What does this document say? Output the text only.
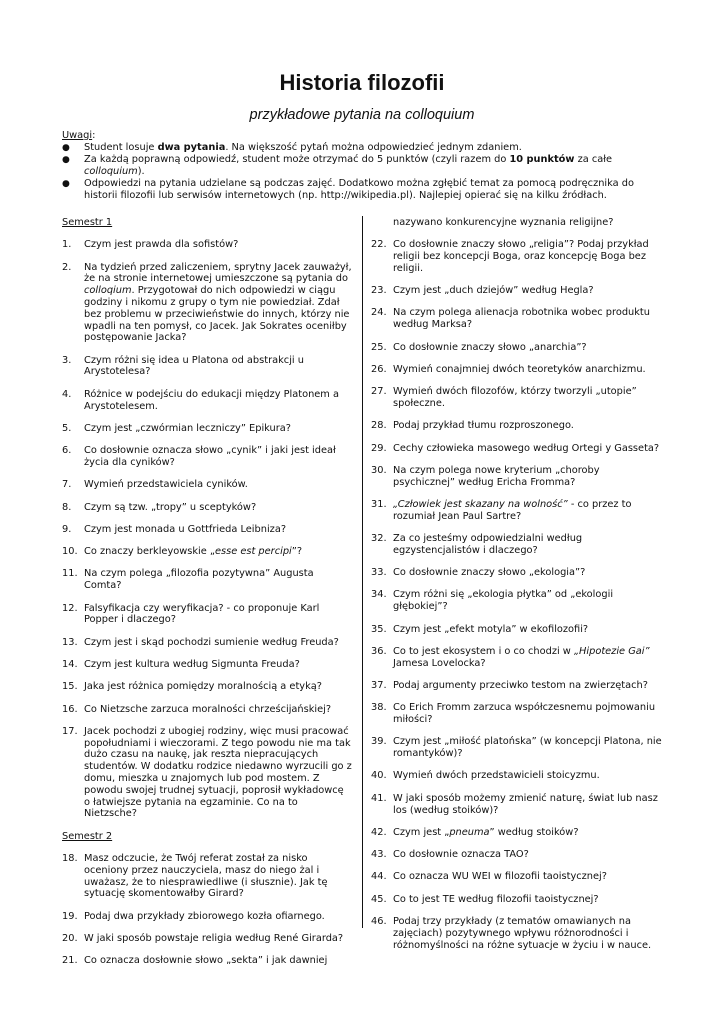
Historia filozofii
przykładowe pytania na colloquium
Uwagi:
● Student losuje dwa pytania. Na większość pytań można odpowiedzieć jednym zdaniem.
● Za każdą poprawną odpowiedź, student może otrzymać do 5 punktów (czyli razem do 10 punktów za całe colloquium).
● Odpowiedzi na pytania udzielane są podczas zajęć. Dodatkowo można zgłębić temat za pomocą podręcznika do historii filozofii lub serwisów internetowych (np. http://wikipedia.pl). Najlepiej opierać się na kilku źródłach.
Semestr 1
1. Czym jest prawda dla sofistów?
2. Na tydzień przed zaliczeniem, sprytny Jacek zauważył, że na stronie internetowej umieszczone są pytania do colloqium. Przygotował do nich odpowiedzi w ciągu godziny i nikomu z grupy o tym nie powiedział. Zdał bez problemu w przeciwieństwie do innych, którzy nie wpadli na ten pomysł, co Jacek. Jak Sokrates oceniłby postępowanie Jacka?
3. Czym różni się idea u Platona od abstrakcji u Arystotelesa?
4. Różnice w podejściu do edukacji między Platonem a Arystotelesem.
5. Czym jest „czwórmian leczniczy” Epikura?
6. Co dosłownie oznacza słowo „cynik” i jaki jest ideał życia dla cyników?
7. Wymień przedstawiciela cyników.
8. Czym są tzw. „tropy” u sceptyków?
9. Czym jest monada u Gottfrieda Leibniza?
10. Co znaczy berkleyowskie „esse est percipi”?
11. Na czym polega „filozofia pozytywna” Augusta Comta?
12. Falsyfikacja czy weryfikacja? - co proponuje Karl Popper i dlaczego?
13. Czym jest i skąd pochodzi sumienie według Freuda?
14. Czym jest kultura według Sigmunta Freuda?
15. Jaka jest różnica pomiędzy moralnością a etyką?
16. Co Nietzsche zarzuca moralności chrześcijańskiej?
17. Jacek pochodzi z ubogiej rodziny, więc musi pracować popołudniami i wieczorami. Z tego powodu nie ma tak dużo czasu na naukę, jak reszta niepracujących studentów. W dodatku rodzice niedawno wyrzucili go z domu, mieszka u znajomych lub pod mostem. Z powodu swojej trudnej sytuacji, poprosił wykładowcę o łatwiejsze pytania na egzaminie. Co na to Nietzsche?
Semestr 2
18. Masz odczucie, że Twój referat został za nisko oceniony przez nauczyciela, masz do niego żal i uważasz, że to niesprawiedliwe (i słusznie). Jak tę sytuację skomentowałby Girard?
19. Podaj dwa przykłady zbiorowego kozła ofiarnego.
20. W jaki sposób powstaje religia według René Girarda?
21. Co oznacza dosłownie słowo „sekta” i jak dawniej
nazywano konkurencyjne wyznania religijne?
22. Co dosłownie znaczy słowo „religia”? Podaj przykład religii bez koncepcji Boga, oraz koncepcję Boga bez religii.
23. Czym jest „duch dziejów” według Hegla?
24. Na czym polega alienacja robotnika wobec produktu według Marksa?
25. Co dosłownie znaczy słowo „anarchia”?
26. Wymień conajmniej dwóch teoretyków anarchizmu.
27. Wymień dwóch filozofów, którzy tworzyli „utopie” społeczne.
28. Podaj przykład tłumu rozproszonego.
29. Cechy człowieka masowego według Ortegi y Gasseta?
30. Na czym polega nowe kryterium „choroby psychicznej” według Ericha Fromma?
31. „Człowiek jest skazany na wolność” - co przez to rozumiał Jean Paul Sartre?
32. Za co jesteśmy odpowiedzialni według egzystencjalistów i dlaczego?
33. Co dosłownie znaczy słowo „ekologia”?
34. Czym różni się „ekologia płytka” od „ekologii głębokiej”?
35. Czym jest „efekt motyla” w ekofilozofii?
36. Co to jest ekosystem i o co chodzi w „Hipotezie Gai” Jamesa Lovelocka?
37. Podaj argumenty przeciwko testom na zwierzętach?
38. Co Erich Fromm zarzuca współczesnemu pojmowaniu miłości?
39. Czym jest „miłość platońska” (w koncepcji Platona, nie romantyków)?
40. Wymień dwóch przedstawicieli stoicyzmu.
41. W jaki sposób możemy zmienić naturę, świat lub nasz los (według stoików)?
42. Czym jest „pneuma” według stoików?
43. Co dosłownie oznacza TAO?
44. Co oznacza WU WEI w filozofii taoistycznej?
45. Co to jest TE według filozofii taoistycznej?
46. Podaj trzy przykłady (z tematów omawianych na zajęciach) pozytywnego wpływu różnorodności i różnomyślności na różne sytuacje w życiu i w nauce.
